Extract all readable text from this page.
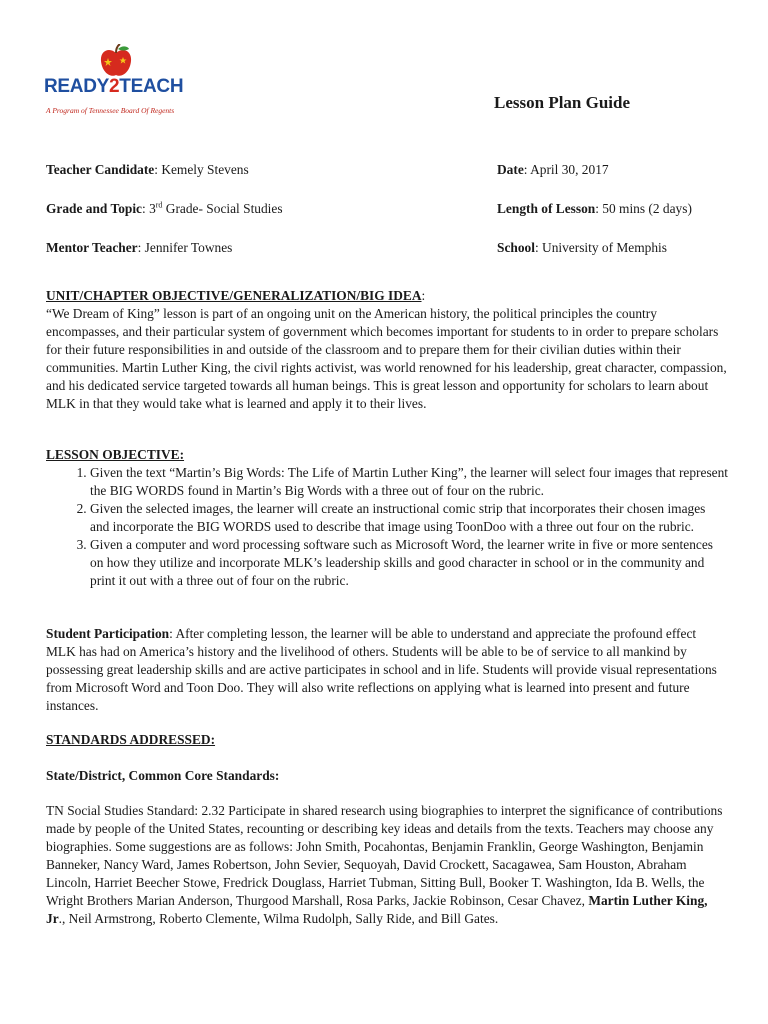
READY2TEACH
A Program of Tennessee Board Of Regents	Lesson Plan Guide
Teacher Candidate: Kemely Stevens	Date: April 30, 2017
Grade and Topic: 3rd Grade- Social Studies	Length of Lesson: 50 mins (2 days)
Mentor Teacher: Jennifer Townes	School: University of Memphis
UNIT/CHAPTER OBJECTIVE/GENERALIZATION/BIG IDEA:

“We Dream of King” lesson is part of an ongoing unit on the American history, the political principles the country encompasses, and their particular system of government which becomes important for students to in order to prepare scholars for their future responsibilities in and outside of the classroom and to prepare them for their civilian duties within their communities. Martin Luther King, the civil rights activist, was world renowned for his leadership, great character, compassion, and his dedicated service targeted towards all human beings. This is great lesson and opportunity for scholars to learn about MLK in that they would take what is learned and apply it to their lives.

LESSON OBJECTIVE:
1. Given the text “Martin’s Big Words: The Life of Martin Luther King”, the learner will select four images that represent the BIG WORDS found in Martin’s Big Words with a three out of four on the rubric.
2. Given the selected images, the learner will create an instructional comic strip that incorporates their chosen images and incorporate the BIG WORDS used to describe that image using ToonDoo with a three out four on the rubric.
3. Given a computer and word processing software such as Microsoft Word, the learner write in five or more sentences on how they utilize and incorporate MLK’s leadership skills and good character in school or in the community and print it out with a three out of four on the rubric.

Student Participation: After completing lesson, the learner will be able to understand and appreciate the profound effect MLK has had on America’s history and the livelihood of others. Students will be able to be of service to all mankind by possessing great leadership skills and are active participates in school and in life. Students will provide visual representations from Microsoft Word and Toon Doo. They will also write reflections on applying what is learned into present and future instances.

STANDARDS ADDRESSED:
State/District, Common Core Standards:

TN Social Studies Standard: 2.32 Participate in shared research using biographies to interpret the significance of contributions made by people of the United States, recounting or describing key ideas and details from the texts. Teachers may choose any biographies. Some suggestions are as follows: John Smith, Pocahontas, Benjamin Franklin, George Washington, Benjamin Banneker, Nancy Ward, James Robertson, John Sevier, Sequoyah, David Crockett, Sacagawea, Sam Houston, Abraham Lincoln, Harriet Beecher Stowe, Fredrick Douglass, Harriet Tubman, Sitting Bull, Booker T. Washington, Ida B. Wells, the Wright Brothers Marian Anderson, Thurgood Marshall, Rosa Parks, Jackie Robinson, Cesar Chavez, Martin Luther King, Jr., Neil Armstrong, Roberto Clemente, Wilma Rudolph, Sally Ride, and Bill Gates.
